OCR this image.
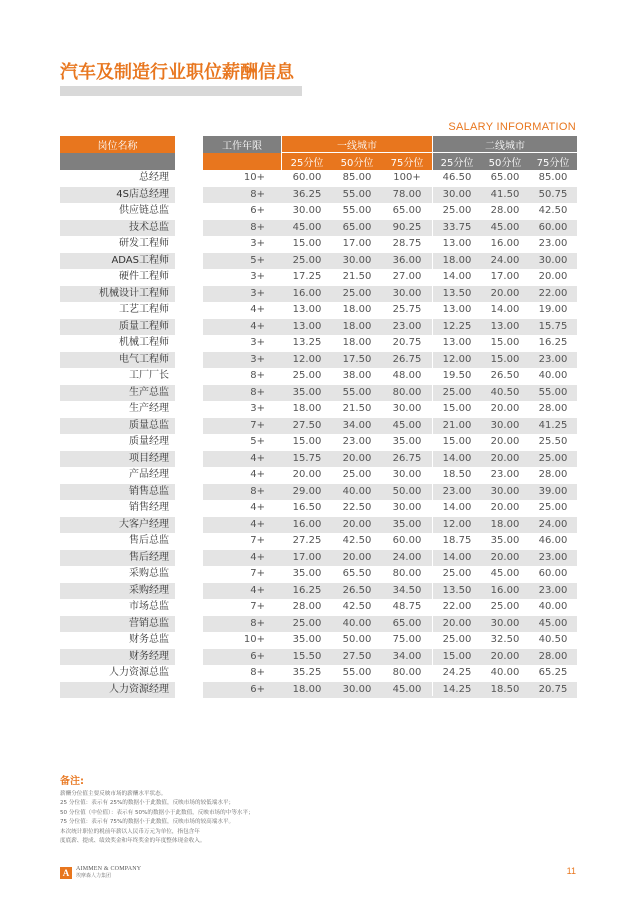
汽车及制造行业职位薪酬信息
SALARY INFORMATION
岗位名称	工作年限	一线城市	二线城市
25分位 50分位 75分位 25分位 50分位 75分位
总经理	10+	60.00	85.00	100+	46.50	65.00	85.00
4S店总经理	8+	36.25	55.00	78.00	30.00	41.50	50.75
供应链总监	6+	30.00	55.00	65.00	25.00	28.00	42.50
技术总监	8+	45.00	65.00	90.25	33.75	45.00	60.00
研发工程师	3+	15.00	17.00	28.75	13.00	16.00	23.00
ADAS工程师	5+	25.00	30.00	36.00	18.00	24.00	30.00
硬件工程师	3+	17.25	21.50	27.00	14.00	17.00	20.00
机械设计工程师	3+	16.00	25.00	30.00	13.50	20.00	22.00
工艺工程师	4+	13.00	18.00	25.75	13.00	14.00	19.00
质量工程师	4+	13.00	18.00	23.00	12.25	13.00	15.75
机械工程师	3+	13.25	18.00	20.75	13.00	15.00	16.25
电气工程师	3+	12.00	17.50	26.75	12.00	15.00	23.00
工厂厂长	8+	25.00	38.00	48.00	19.50	26.50	40.00
生产总监	8+	35.00	55.00	80.00	25.00	40.50	55.00
生产经理	3+	18.00	21.50	30.00	15.00	20.00	28.00
质量总监	7+	27.50	34.00	45.00	21.00	30.00	41.25
质量经理	5+	15.00	23.00	35.00	15.00	20.00	25.50
项目经理	4+	15.75	20.00	26.75	14.00	20.00	25.00
产品经理	4+	20.00	25.00	30.00	18.50	23.00	28.00
销售总监	8+	29.00	40.00	50.00	23.00	30.00	39.00
销售经理	4+	16.50	22.50	30.00	14.00	20.00	25.00
大客户经理	4+	16.00	20.00	35.00	12.00	18.00	24.00
售后总监	7+	27.25	42.50	60.00	18.75	35.00	46.00
售后经理	4+	17.00	20.00	24.00	14.00	20.00	23.00
采购总监	7+	35.00	65.50	80.00	25.00	45.00	60.00
采购经理	4+	16.25	26.50	34.50	13.50	16.00	23.00
市场总监	7+	28.00	42.50	48.75	22.00	25.00	40.00
营销总监	8+	25.00	40.00	65.00	20.00	30.00	45.00
财务总监	10+	35.00	50.00	75.00	25.00	32.50	40.50
财务经理	6+	15.50	27.50	34.00	15.00	20.00	28.00
人力资源总监	8+	35.25	55.00	80.00	24.25	40.00	65.25
人力资源经理	6+	18.00	30.00	45.00	14.25	18.50	20.75
备注:
薪酬分位值主要反映市场的薪酬水平状态。
25 分位值：表示有 25%的数据小于此数值，反映市场的较低端水平；
50 分位值（中位值）：表示有 50%的数据小于此数值，反映市场的中等水平；
75 分位值：表示有 75%的数据小于此数值，反映市场的较高端水平。
本次统计职位的税前年薪以人民币万元为单位，指包含年
度底薪、提成、绩效奖金和年终奖金的年度整体现金收入。
A	AIMMEN & COMPANY
埃摩森人力集团	11
